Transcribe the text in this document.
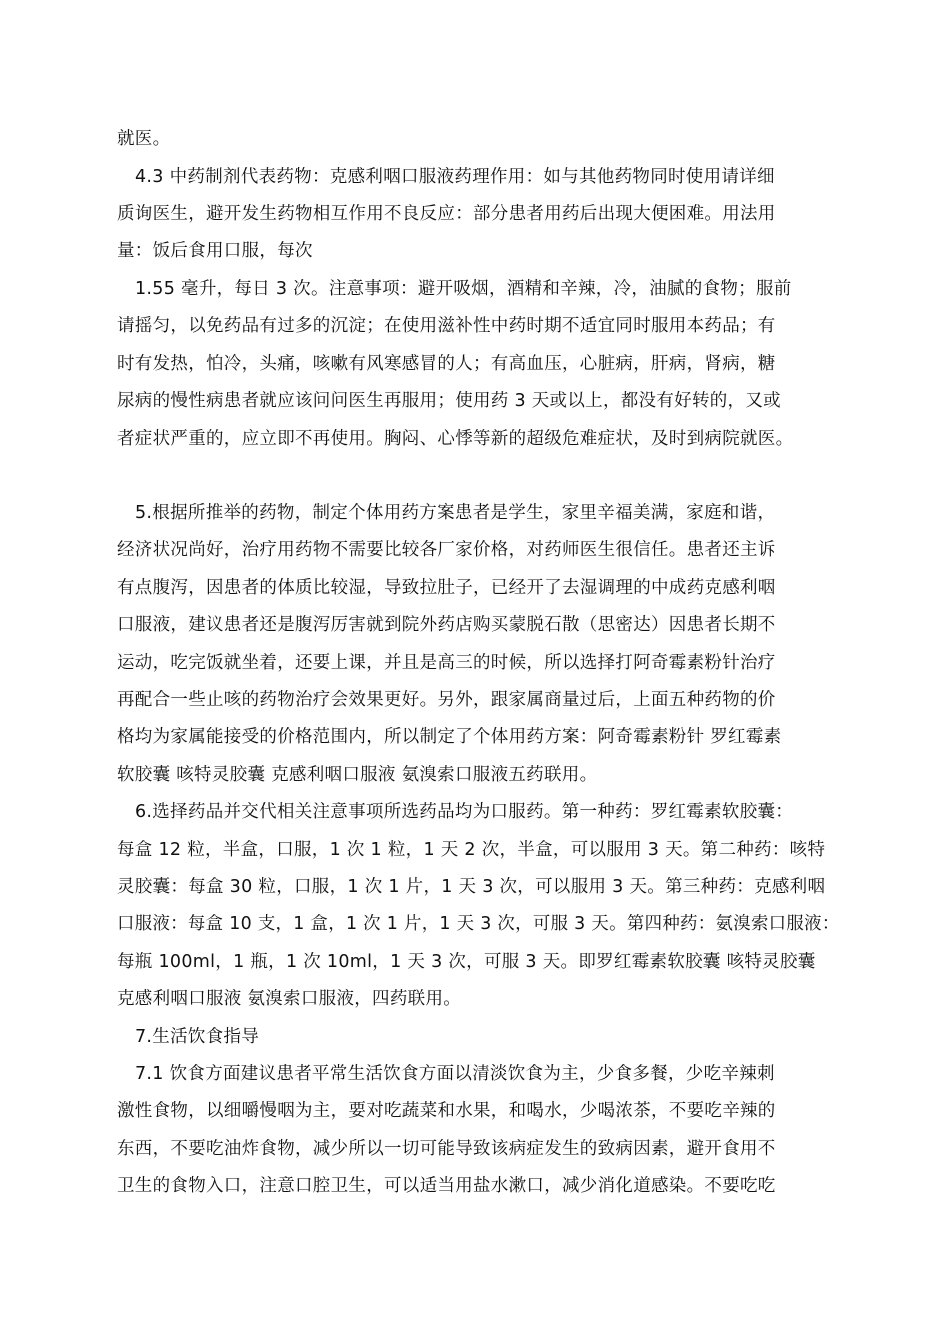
就医。
4.3 中药制剂代表药物：克感利咽口服液药理作用：如与其他药物同时使用请详细
质询医生，避开发生药物相互作用不良反应：部分患者用药后出现大便困难。用法用
量：饭后食用口服，每次
1.55 毫升，每日 3 次。注意事项：避开吸烟，酒精和辛辣，冷，油腻的食物；服前
请摇匀，以免药品有过多的沉淀；在使用滋补性中药时期不适宜同时服用本药品；有
时有发热，怕冷，头痛，咳嗽有风寒感冒的人；有高血压，心脏病，肝病，肾病，糖
尿病的慢性病患者就应该问问医生再服用；使用药 3 天或以上，都没有好转的，又或
者症状严重的，应立即不再使用。胸闷、心悸等新的超级危难症状，及时到病院就医。
5.根据所推举的药物，制定个体用药方案患者是学生，家里辛福美满，家庭和谐，
经济状况尚好，治疗用药物不需要比较各厂家价格，对药师医生很信任。患者还主诉
有点腹泻，因患者的体质比较湿，导致拉肚子，已经开了去湿调理的中成药克感利咽
口服液，建议患者还是腹泻厉害就到院外药店购买蒙脱石散（思密达）因患者长期不
运动，吃完饭就坐着，还要上课，并且是高三的时候，所以选择打阿奇霉素粉针治疗
再配合一些止咳的药物治疗会效果更好。另外，跟家属商量过后，上面五种药物的价
格均为家属能接受的价格范围内，所以制定了个体用药方案：阿奇霉素粉针 罗红霉素
软胶囊 咳特灵胶囊 克感利咽口服液 氨溴索口服液五药联用。
6.选择药品并交代相关注意事项所选药品均为口服药。第一种药：罗红霉素软胶囊：
每盒 12 粒，半盒，口服，1 次 1 粒，1 天 2 次，半盒，可以服用 3 天。第二种药：咳特
灵胶囊：每盒 30 粒，口服，1 次 1 片，1 天 3 次，可以服用 3 天。第三种药：克感利咽
口服液：每盒 10 支，1 盒，1 次 1 片，1 天 3 次，可服 3 天。第四种药：氨溴索口服液：
每瓶 100ml，1 瓶，1 次 10ml，1 天 3 次，可服 3 天。即罗红霉素软胶囊 咳特灵胶囊
克感利咽口服液 氨溴索口服液，四药联用。
7.生活饮食指导
7.1 饮食方面建议患者平常生活饮食方面以清淡饮食为主，少食多餐，少吃辛辣刺
激性食物，以细嚼慢咽为主，要对吃蔬菜和水果，和喝水，少喝浓茶，不要吃辛辣的
东西，不要吃油炸食物，减少所以一切可能导致该病症发生的致病因素，避开食用不
卫生的食物入口，注意口腔卫生，可以适当用盐水漱口，减少消化道感染。不要吃吃
